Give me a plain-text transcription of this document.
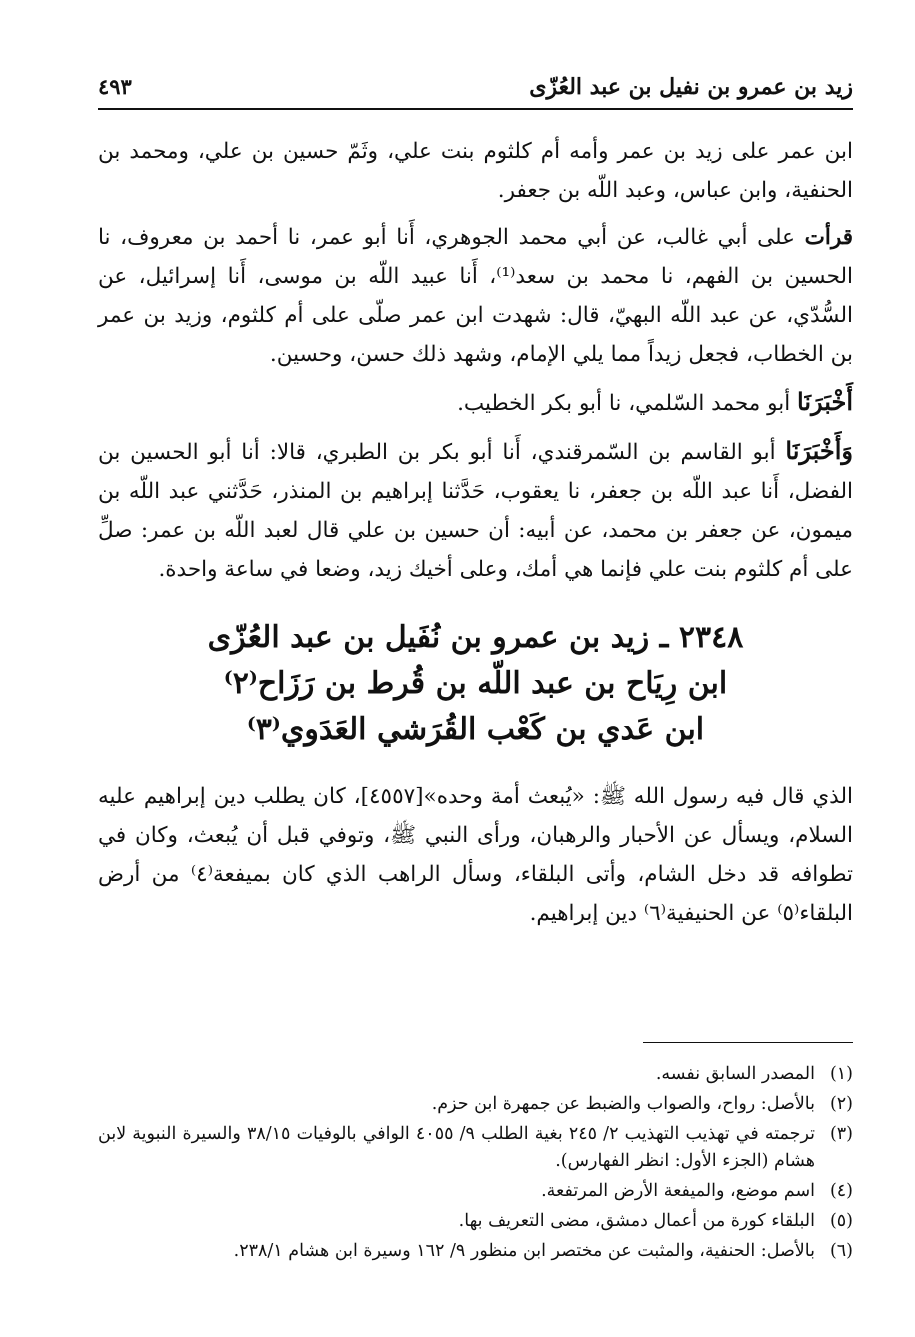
زيد بن عمرو بن نفيل بن عبد العُزّى
٤٩٣

ابن عمر على زيد بن عمر وأمه أم كلثوم بنت علي، وثَمّ حسين بن علي، ومحمد بن الحنفية، وابن عباس، وعبد اللّه بن جعفر.

قرأت على أبي غالب، عن أبي محمد الجوهري، أَنا أبو عمر، نا أحمد بن معروف، نا الحسين بن الفهم، نا محمد بن سعد⁽¹⁾، أَنا عبيد اللّه بن موسى، أَنا إسرائيل، عن السُّدّي، عن عبد اللّه البهيّ، قال: شهدت ابن عمر صلّى على أم كلثوم، وزيد بن عمر بن الخطاب، فجعل زيداً مما يلي الإمام، وشهد ذلك حسن، وحسين.

أَخْبَرَنَا أبو محمد السّلمي، نا أبو بكر الخطيب.

وَأَخْبَرَنَا أبو القاسم بن السّمرقندي، أَنا أبو بكر بن الطبري، قالا: أنا أبو الحسين بن الفضل، أَنا عبد اللّه بن جعفر، نا يعقوب، حَدَّثنا إبراهيم بن المنذر، حَدَّثني عبد اللّه بن ميمون، عن جعفر بن محمد، عن أبيه: أن حسين بن علي قال لعبد اللّه بن عمر: صلِّ على أم كلثوم بنت علي فإنما هي أمك، وعلى أخيك زيد، وضعا في ساعة واحدة.

٢٣٤٨ ـ زيد بن عمرو بن نُفَيل بن عبد العُزّى
ابن رِيَاح بن عبد اللّه بن قُرط بن رَزَاح⁽٢⁾
ابن عَدي بن كَعْب القُرَشي العَدَوي⁽٣⁾

الذي قال فيه رسول الله ﷺ: «يُبعث أمة وحده»[٤٥٥٧]، كان يطلب دين إبراهيم عليه السلام، ويسأل عن الأحبار والرهبان، ورأى النبي ﷺ، وتوفي قبل أن يُبعث، وكان في تطوافه قد دخل الشام، وأتى البلقاء، وسأل الراهب الذي كان بميفعة⁽٤⁾ من أرض البلقاء⁽٥⁾ عن الحنيفية⁽٦⁾ دين إبراهيم.

(١)
المصدر السابق نفسه.
(٢)
بالأصل: رواح، والصواب والضبط عن جمهرة ابن حزم.
(٣)
ترجمته في تهذيب التهذيب ٢/ ٢٤٥ بغية الطلب ٩/ ٤٠٥٥ الوافي بالوفيات ٣٨/١٥ والسيرة النبوية لابن هشام (الجزء الأول: انظر الفهارس).
(٤)
اسم موضع، والميفعة الأرض المرتفعة.
(٥)
البلقاء كورة من أعمال دمشق، مضى التعريف بها.
(٦)
بالأصل: الحنفية، والمثبت عن مختصر ابن منظور ٩/ ١٦٢ وسيرة ابن هشام ٢٣٨/١.
